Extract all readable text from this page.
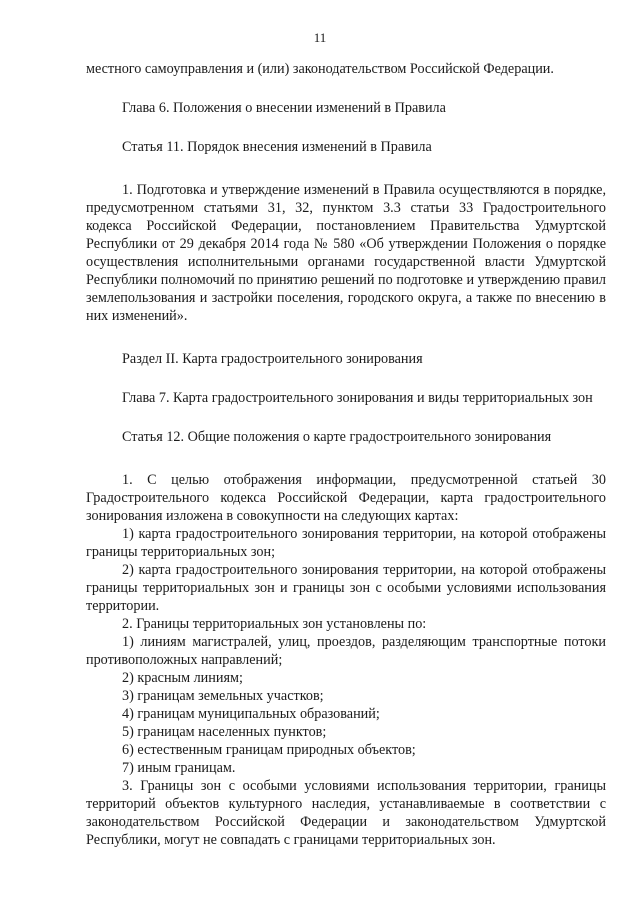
11

местного самоуправления и (или) законодательством Российской Федерации.

Глава 6. Положения о внесении изменений в Правила

Статья 11. Порядок внесения изменений в Правила

1. Подготовка и утверждение изменений в Правила осуществляются в порядке, предусмотренном статьями 31, 32, пунктом 3.3 статьи 33 Градостроительного кодекса Российской Федерации, постановлением Правительства Удмуртской Республики от 29 декабря 2014 года № 580 «Об утверждении Положения о порядке осуществления исполнительными органами государственной власти Удмуртской Республики полномочий по принятию решений по подготовке и утверждению правил землепользования и застройки поселения, городского округа, а также по внесению в них изменений».

Раздел II. Карта градостроительного зонирования

Глава 7. Карта градостроительного зонирования и виды территориальных зон

Статья 12. Общие положения о карте градостроительного зонирования

1. С целью отображения информации, предусмотренной статьей 30 Градостроительного кодекса Российской Федерации, карта градостроительного зонирования изложена в совокупности на следующих картах:

1) карта градостроительного зонирования территории, на которой отображены границы территориальных зон;

2) карта градостроительного зонирования территории, на которой отображены границы территориальных зон и границы зон с особыми условиями использования территории.

2. Границы территориальных зон установлены по:

1) линиям магистралей, улиц, проездов, разделяющим транспортные потоки противоположных направлений;

2) красным линиям;

3) границам земельных участков;

4) границам муниципальных образований;

5) границам населенных пунктов;

6) естественным границам природных объектов;

7) иным границам.

3. Границы зон с особыми условиями использования территории, границы территорий объектов культурного наследия, устанавливаемые в соответствии с законодательством Российской Федерации и законодательством Удмуртской Республики, могут не совпадать с границами территориальных зон.
